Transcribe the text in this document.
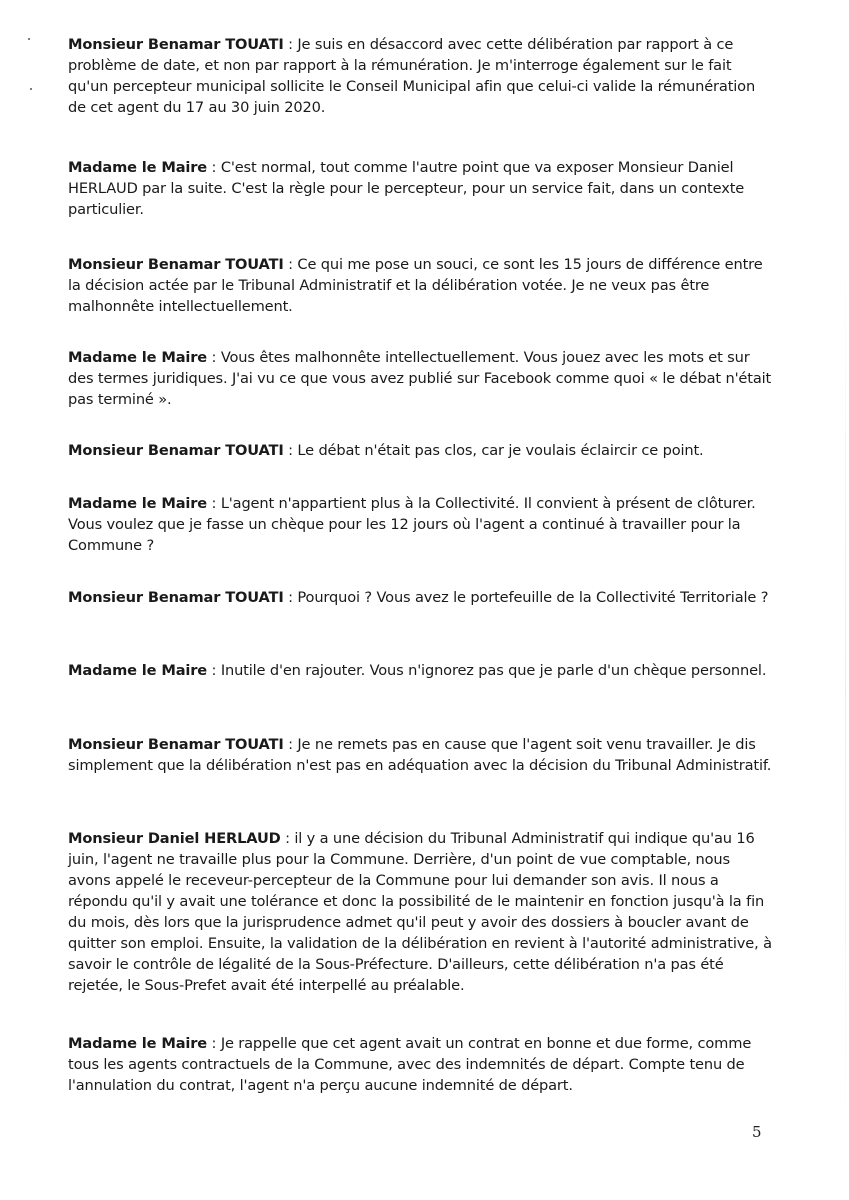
Monsieur Benamar TOUATI : Je suis en désaccord avec cette délibération par rapport à ce problème de date, et non par rapport à la rémunération. Je m'interroge également sur le fait qu'un percepteur municipal sollicite le Conseil Municipal afin que celui-ci valide la rémunération de cet agent du 17 au 30 juin 2020.

Madame le Maire : C'est normal, tout comme l'autre point que va exposer Monsieur Daniel HERLAUD par la suite. C'est la règle pour le percepteur, pour un service fait, dans un contexte particulier.

Monsieur Benamar TOUATI : Ce qui me pose un souci, ce sont les 15 jours de différence entre la décision actée par le Tribunal Administratif et la délibération votée. Je ne veux pas être malhonnête intellectuellement.

Madame le Maire : Vous êtes malhonnête intellectuellement. Vous jouez avec les mots et sur des termes juridiques. J'ai vu ce que vous avez publié sur Facebook comme quoi « le débat n'était pas terminé ».

Monsieur Benamar TOUATI : Le débat n'était pas clos, car je voulais éclaircir ce point.

Madame le Maire : L'agent n'appartient plus à la Collectivité. Il convient à présent de clôturer. Vous voulez que je fasse un chèque pour les 12 jours où l'agent a continué à travailler pour la Commune ?

Monsieur Benamar TOUATI : Pourquoi ? Vous avez le portefeuille de la Collectivité Territoriale ?

Madame le Maire : Inutile d'en rajouter. Vous n'ignorez pas que je parle d'un chèque personnel.

Monsieur Benamar TOUATI : Je ne remets pas en cause que l'agent soit venu travailler. Je dis simplement que la délibération n'est pas en adéquation avec la décision du Tribunal Administratif.

Monsieur Daniel HERLAUD : il y a une décision du Tribunal Administratif qui indique qu'au 16 juin, l'agent ne travaille plus pour la Commune. Derrière, d'un point de vue comptable, nous avons appelé le receveur-percepteur de la Commune pour lui demander son avis. Il nous a répondu qu'il y avait une tolérance et donc la possibilité de le maintenir en fonction jusqu'à la fin du mois, dès lors que la jurisprudence admet qu'il peut y avoir des dossiers à boucler avant de quitter son emploi. Ensuite, la validation de la délibération en revient à l'autorité administrative, à savoir le contrôle de légalité de la Sous-Préfecture. D'ailleurs, cette délibération n'a pas été rejetée, le Sous-Prefet avait été interpellé au préalable.

Madame le Maire : Je rappelle que cet agent avait un contrat en bonne et due forme, comme tous les agents contractuels de la Commune, avec des indemnités de départ. Compte tenu de l'annulation du contrat, l'agent n'a perçu aucune indemnité de départ.

5
